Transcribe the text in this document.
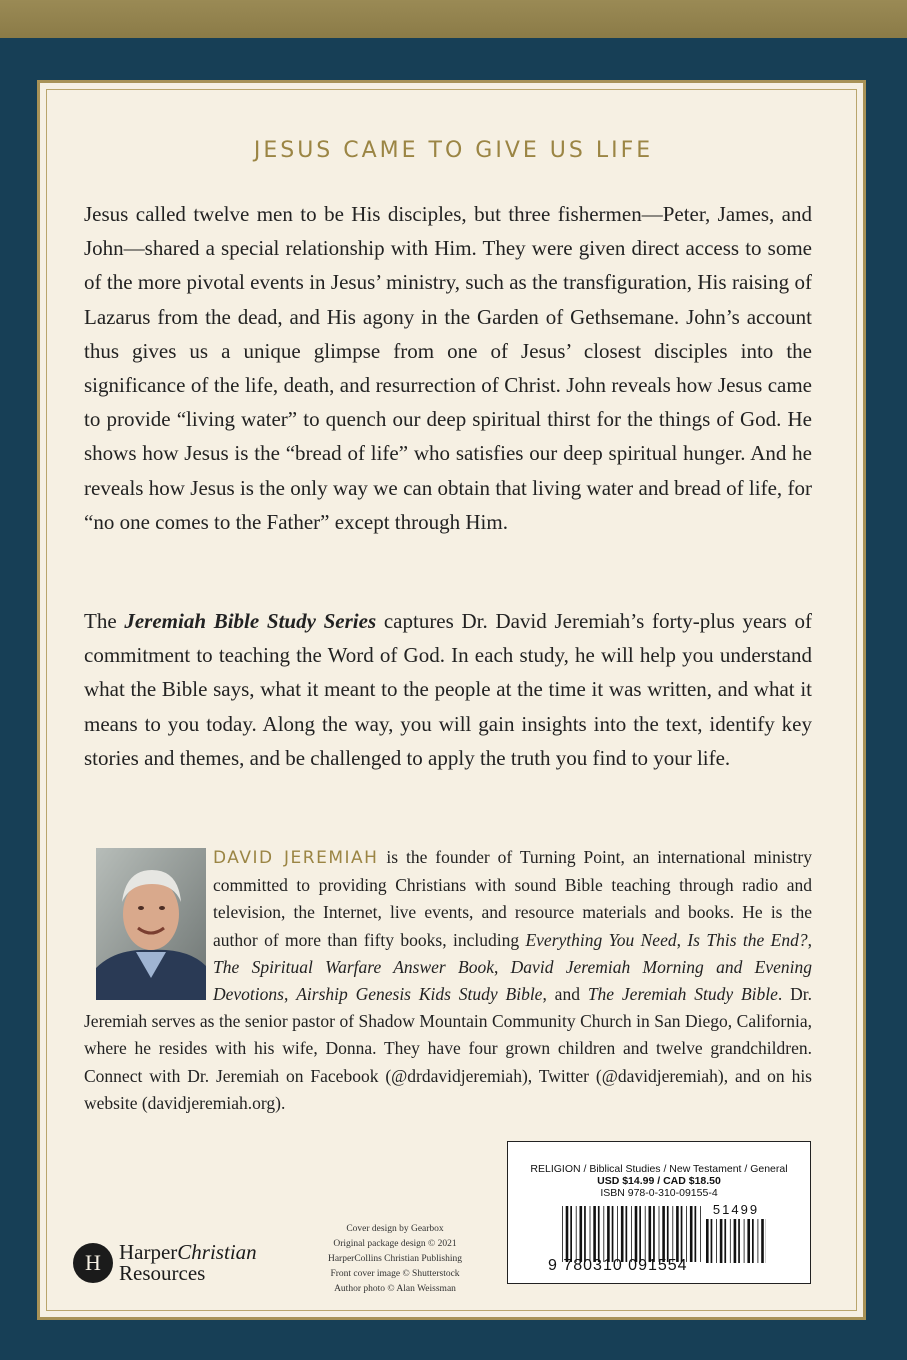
JESUS CAME TO GIVE US LIFE

Jesus called twelve men to be His disciples, but three fishermen—Peter, James, and John—shared a special relationship with Him. They were given direct access to some of the more pivotal events in Jesus’ ministry, such as the transfiguration, His raising of Lazarus from the dead, and His agony in the Garden of Gethsemane. John’s account thus gives us a unique glimpse from one of Jesus’ closest disciples into the significance of the life, death, and resurrection of Christ. John reveals how Jesus came to provide “living water” to quench our deep spiritual thirst for the things of God. He shows how Jesus is the “bread of life” who satisfies our deep spiritual hunger. And he reveals how Jesus is the only way we can obtain that living water and bread of life, for “no one comes to the Father” except through Him.

The Jeremiah Bible Study Series captures Dr. David Jeremiah’s forty-plus years of commitment to teaching the Word of God. In each study, he will help you understand what the Bible says, what it meant to the people at the time it was written, and what it means to you today. Along the way, you will gain insights into the text, identify key stories and themes, and be challenged to apply the truth you find to your life.

DAVID JEREMIAH is the founder of Turning Point, an international ministry committed to providing Christians with sound Bible teaching through radio and television, the Internet, live events, and resource materials and books. He is the author of more than fifty books, including Everything You Need, Is This the End?, The Spiritual Warfare Answer Book, David Jeremiah Morning and Evening Devotions, Airship Genesis Kids Study Bible, and The Jeremiah Study Bible. Dr. Jeremiah serves as the senior pastor of Shadow Mountain Community Church in San Diego, California, where he resides with his wife, Donna. They have four grown children and twelve grandchildren. Connect with Dr. Jeremiah on Facebook (@drdavidjeremiah), Twitter (@davidjeremiah), and on his website (davidjeremiah.org).
H HarperChristian
Resources
Cover design by Gearbox
Original package design © 2021
HarperCollins Christian Publishing
Front cover image © Shutterstock
Author photo © Alan Weissman
RELIGION / Biblical Studies / New Testament / General
USD $14.99 / CAD $18.50
ISBN 978-0-310-09155-4
51499
9 780310 091554
